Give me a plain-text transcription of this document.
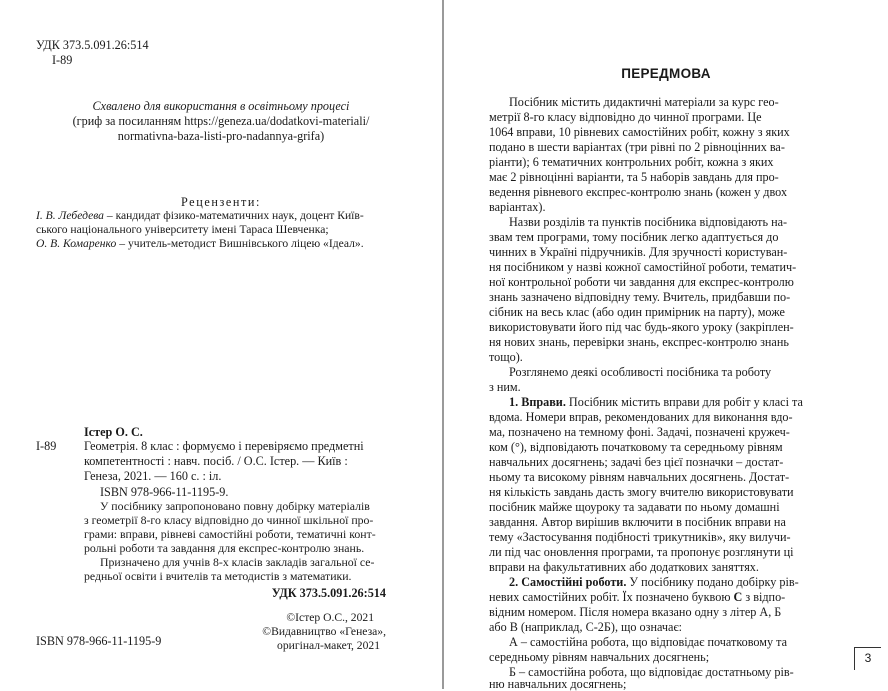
УДК 373.5.091.26:514
І-89
Схвалено для використання в освітньому процесі
(гриф за посиланням https://geneza.ua/dodatkovi-materiali/
normativna-baza-listi-pro-nadannya-grifa)
Рецензенти:
І. В. Лебедева – кандидат фізико-математичних наук, доцент Київ-
ського національного університету імені Тараса Шевченка;
О. В. Комаренко – учитель-методист Вишнівського ліцею «Ідеал».
Істер О. С.
І-89 Геометрія. 8 клас : формуємо і перевіряємо предметні
компетентності : навч. посіб. / О.С. Істер. — Київ :
Генеза, 2021. — 160 с. : іл.
ISBN 978-966-11-1195-9.
У посібнику запропоновано повну добірку матеріалів
з геометрії 8-го класу відповідно до чинної шкільної про-
грами: вправи, рівневі самостійні роботи, тематичні конт-
рольні роботи та завдання для експрес-контролю знань.
Призначено для учнів 8-х класів закладів загальної се-
редньої освіти і вчителів та методистів з математики.
УДК 373.5.091.26:514
©Істер О.С., 2021
©Видавництво «Генеза»,
оригінал-макет, 2021
ISBN 978-966-11-1195-9
ПЕРЕДМОВА
Посібник містить дидактичні матеріали за курс гео-
метрії 8-го класу відповідно до чинної програми. Це
1064 вправи, 10 рівневих самостійних робіт, кожну з яких
подано в шести варіантах (три рівні по 2 рівноцінних ва-
ріанти); 6 тематичних контрольних робіт, кожна з яких
має 2 рівноцінні варіанти, та 5 наборів завдань для про-
ведення рівневого експрес-контролю знань (кожен у двох
варіантах).
Назви розділів та пунктів посібника відповідають на-
звам тем програми, тому посібник легко адаптується до
чинних в Україні підручників. Для зручності користуван-
ня посібником у назві кожної самостійної роботи, тематич-
ної контрольної роботи чи завдання для експрес-контролю
знань зазначено відповідну тему. Вчитель, придбавши по-
сібник на весь клас (або один примірник на парту), може
використовувати його під час будь-якого уроку (закріплен-
ня нових знань, перевірки знань, експрес-контролю знань
тощо).
Розглянемо деякі особливості посібника та роботу
з ним.
1. Вправи. Посібник містить вправи для робіт у класі та
вдома. Номери вправ, рекомендованих для виконання вдо-
ма, позначено на темному фоні. Задачі, позначені кружеч-
ком (°), відповідають початковому та середньому рівням
навчальних досягнень; задачі без цієї позначки – достат-
ньому та високому рівням навчальних досягнень. Достат-
ня кількість завдань дасть змогу вчителю використовувати
посібник майже щоуроку та задавати по ньому домашні
завдання. Автор вирішив включити в посібник вправи на
тему «Застосування подібності трикутників», яку вилучи-
ли під час оновлення програми, та пропонує розглянути ці
вправи на факультативних або додаткових заняттях.
2. Самостійні роботи. У посібнику подано добірку рів-
невих самостійних робіт. Їх позначено буквою С з відпо-
відним номером. Після номера вказано одну з літер А, Б
або В (наприклад, С-2Б), що означає:
А – самостійна робота, що відповідає початковому та
середньому рівням навчальних досягнень;
Б – самостійна робота, що відповідає достатньому рів-
ню навчальних досягнень;
3
